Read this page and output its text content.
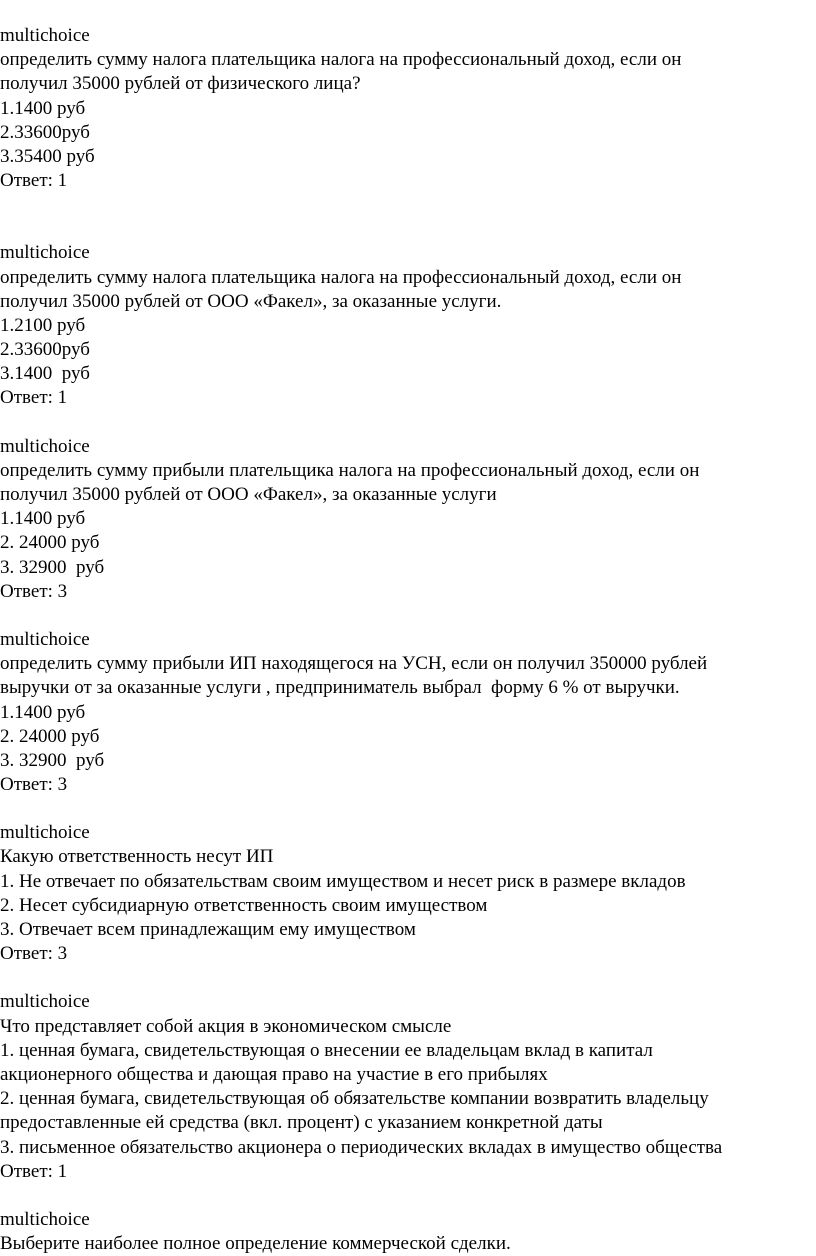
multichoice
определить сумму налога плательщика налога на профессиональный доход, если он
получил 35000 рублей от физического лица?
1.1400 руб
2.33600руб
3.35400 руб
Ответ: 1
multichoice
определить сумму налога плательщика налога на профессиональный доход, если он
получил 35000 рублей от ООО «Факел», за оказанные услуги.
1.2100 руб
2.33600руб
3.1400  руб
Ответ: 1
multichoice
определить сумму прибыли плательщика налога на профессиональный доход, если он
получил 35000 рублей от ООО «Факел», за оказанные услуги
1.1400 руб
2. 24000 руб
3. 32900  руб
Ответ: 3
multichoice
определить сумму прибыли ИП находящегося на УСН, если он получил 350000 рублей
выручки от за оказанные услуги , предприниматель выбрал  форму 6 % от выручки.
1.1400 руб
2. 24000 руб
3. 32900  руб
Ответ: 3
multichoice
Какую ответственность несут ИП
1. Не отвечает по обязательствам своим имуществом и несет риск в размере вкладов
2. Несет субсидиарную ответственность своим имуществом
3. Отвечает всем принадлежащим ему имуществом
Ответ: 3
multichoice
Что представляет собой акция в экономическом смысле
1. ценная бумага, свидетельствующая о внесении ее владельцам вклад в капитал
акционерного общества и дающая право на участие в его прибылях
2. ценная бумага, свидетельствующая об обязательстве компании возвратить владельцу
предоставленные ей средства (вкл. процент) с указанием конкретной даты
3. письменное обязательство акционера о периодических вкладах в имущество общества
Ответ: 1
multichoice
Выберите наиболее полное определение коммерческой сделки.
